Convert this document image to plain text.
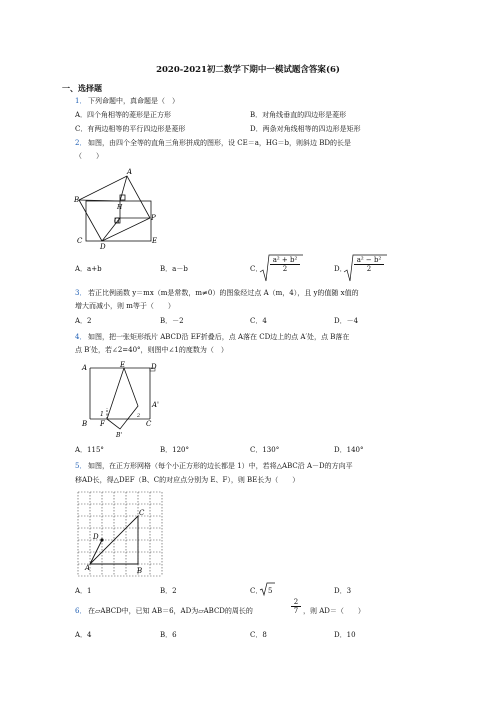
2020-2021初二数学下期中一模试题含答案(6)
一、选择题
1． 下列命题中，真命题是（　）
A．四个角相等的菱形是正方形	B．对角线垂直的四边形是菱形
C．有两边相等的平行四边形是菱形	D．两条对角线相等的四边形是矩形
2． 如图，由四个全等的直角三角形拼成的图形，设 CE＝a，HG＝b，则斜边 BD的长是
（　　）
A
B
H
G	P
C
D
E
A．a+b	B．a－b	C． $\frac{\text{a² + b²}}{2}$	D． $\frac{\text{a² − b²}}{2}$
3． 若正比例函数 y＝mx（m是常数，m≠0）的图象经过点 A（m，4），且 y的值随 x值的
增大而减小，则 m等于（　　）
A．2	B．－2	C．4	D．－4
4． 如图，把一张矩形纸片 ABCD沿 EF折叠后，点 A落在 CD边上的点 A′处，点 B落在
点 B′处，若∠2=40°，则图中∠1的度数为（　）
A	E	D
A'
1	2
B F	C
B'
A．115°	B．120°	C．130°	D．140°
5． 如图，在正方形网格（每个小正方形的边长都是 1）中，若将△ABC沿 A－D的方向平
移AD长，得△DEF（B、C的对应点分别为 E、F），则 BE长为（　　）
A	B
C
D
A．1	B．2	C． 5	D．3
6． 在▱ABCD中，已知 AB＝6，AD为▱ABCD的周长的	$\frac{2}{7}$ ，则 AD＝（　　）
A．4	B．6	C．8	D．10
